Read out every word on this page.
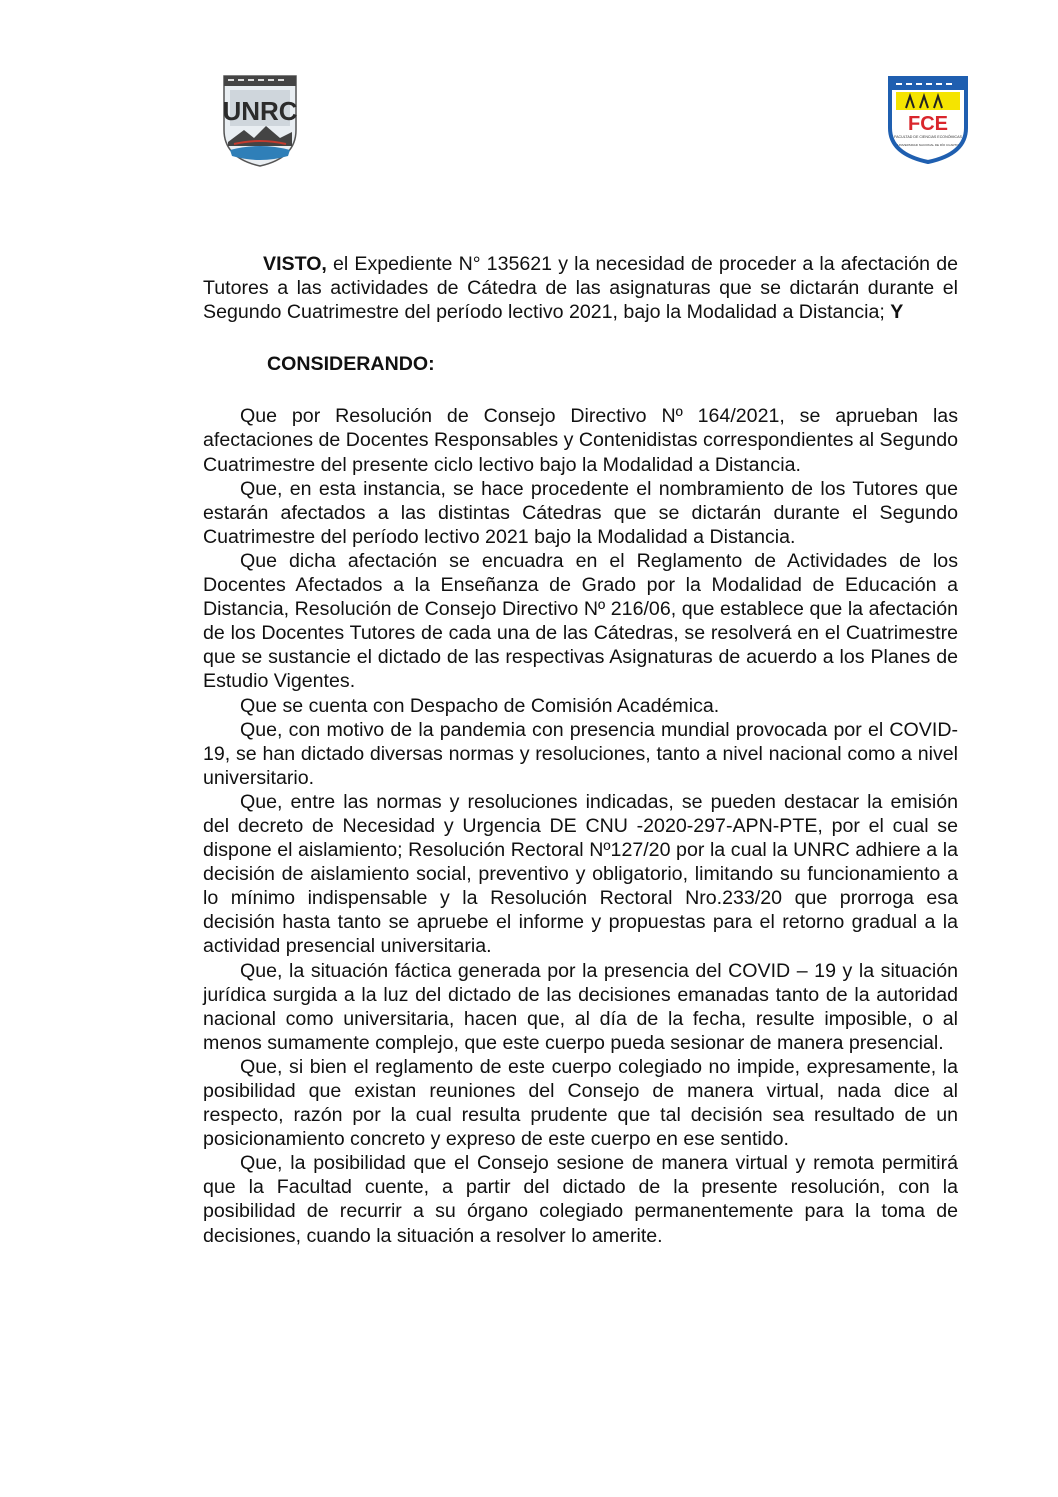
UNRC	FCE
FACULTAD DE CIENCIAS ECONÓMICAS
UNIVERSIDAD NACIONAL DE RÍO CUARTO

VISTO, el Expediente N° 135621 y la necesidad de proceder a la afectación de Tutores a las actividades de Cátedra de las asignaturas que se dictarán durante el Segundo Cuatrimestre del período lectivo 2021, bajo la Modalidad a Distancia; Y

CONSIDERANDO:

Que por Resolución de Consejo Directivo Nº 164/2021, se aprueban las afectaciones de Docentes Responsables y Contenidistas correspondientes al Segundo Cuatrimestre del presente ciclo lectivo bajo la Modalidad a Distancia.

Que, en esta instancia, se hace procedente el nombramiento de los Tutores que estarán afectados a las distintas Cátedras que se dictarán durante el Segundo Cuatrimestre del período lectivo 2021 bajo la Modalidad a Distancia.

Que dicha afectación se encuadra en el Reglamento de Actividades de los Docentes Afectados a la Enseñanza de Grado por la Modalidad de Educación a Distancia, Resolución de Consejo Directivo Nº 216/06, que establece que la afectación de los Docentes Tutores de cada una de las Cátedras, se resolverá en el Cuatrimestre que se sustancie el dictado de las respectivas Asignaturas de acuerdo a los Planes de Estudio Vigentes.

Que se cuenta con Despacho de Comisión Académica.

Que, con motivo de la pandemia con presencia mundial provocada por el COVID-19, se han dictado diversas normas y resoluciones, tanto a nivel nacional como a nivel universitario.

Que, entre las normas y resoluciones indicadas, se pueden destacar la emisión del decreto de Necesidad y Urgencia DE CNU -2020-297-APN-PTE, por el cual se dispone el aislamiento; Resolución Rectoral Nº127/20 por la cual la UNRC adhiere a la decisión de aislamiento social, preventivo y obligatorio, limitando su funcionamiento a lo mínimo indispensable y la Resolución Rectoral Nro.233/20 que prorroga esa decisión hasta tanto se apruebe el informe y propuestas para el retorno gradual a la actividad presencial universitaria.

Que, la situación fáctica generada por la presencia del COVID – 19 y la situación jurídica surgida a la luz del dictado de las decisiones emanadas tanto de la autoridad nacional como universitaria, hacen que, al día de la fecha, resulte imposible, o al menos sumamente complejo, que este cuerpo pueda sesionar de manera presencial.

Que, si bien el reglamento de este cuerpo colegiado no impide, expresamente, la posibilidad que existan reuniones del Consejo de manera virtual, nada dice al respecto, razón por la cual resulta prudente que tal decisión sea resultado de un posicionamiento concreto y expreso de este cuerpo en ese sentido.

Que, la posibilidad que el Consejo sesione de manera virtual y remota permitirá que la Facultad cuente, a partir del dictado de la presente resolución, con la posibilidad de recurrir a su órgano colegiado permanentemente para la toma de decisiones, cuando la situación a resolver lo amerite.
